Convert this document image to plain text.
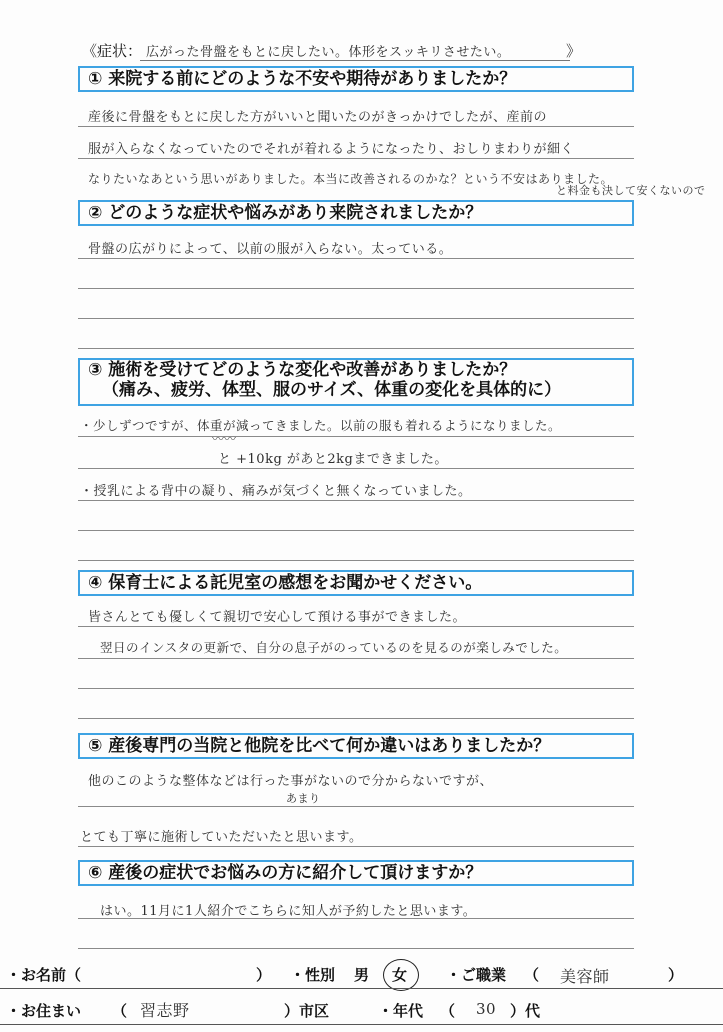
《症状： 広がった骨盤をもとに戻したい。体形をスッキリさせたい。	》
① 来院する前にどのような不安や期待がありましたか？
産後に骨盤をもとに戻した方がいいと聞いたのがきっかけでしたが、産前の
服が入らなくなっていたのでそれが着れるようになったり、おしりまわりが細く
なりたいなあという思いがありました。本当に改善されるのかな？という不安はありました。
と料金も決して安くないので
② どのような症状や悩みがあり来院されましたか？
骨盤の広がりによって、以前の服が入らない。太っている。
③ 施術を受けてどのような変化や改善がありましたか？
（痛み、疲労、体型、服のサイズ、体重の変化を具体的に）
・少しずつですが、体重が減ってきました。以前の服も着れるようになりました。
〰〰
と +10kg があと2kgまできました。
・授乳による背中の凝り、痛みが気づくと無くなっていました。
④ 保育士による託児室の感想をお聞かせください。
皆さんとても優しくて親切で安心して預ける事ができました。
翌日のインスタの更新で、自分の息子がのっているのを見るのが楽しみでした。
⑤ 産後専門の当院と他院を比べて何か違いはありましたか？
他のこのような整体などは行った事がないので分からないですが、
あまり
とても丁寧に施術していただいたと思います。
⑥ 産後の症状でお悩みの方に紹介して頂けますか？
はい。11月に1人紹介でこちらに知人が予約したと思います。
・お名前（	） ・性別 男 女	・ご職業 （ 美容師	）
・お住まい （ 習志野	）市区	・年代 （ 30 ）代
